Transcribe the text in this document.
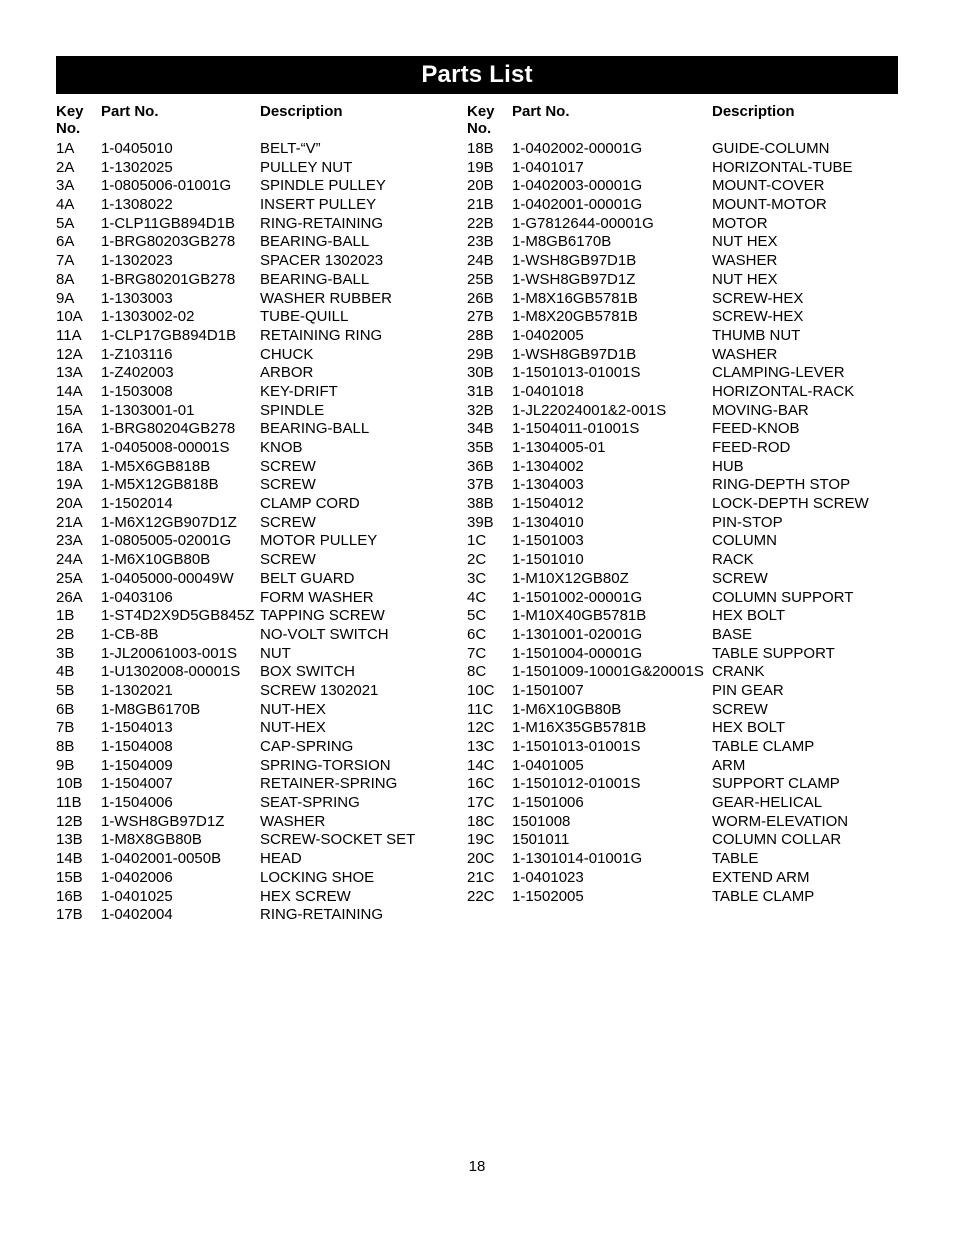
Parts List
Key
No.
Part No.	Description
1A	1-0405010	BELT-“V”
2A	1-1302025	PULLEY NUT
3A	1-0805006-01001G	SPINDLE PULLEY
4A	1-1308022	INSERT PULLEY
5A	1-CLP11GB894D1B	RING-RETAINING
6A	1-BRG80203GB278	BEARING-BALL
7A	1-1302023	SPACER 1302023
8A	1-BRG80201GB278	BEARING-BALL
9A	1-1303003	WASHER RUBBER
10A	1-1303002-02	TUBE-QUILL
11A	1-CLP17GB894D1B	RETAINING RING
12A	1-Z103116	CHUCK
13A	1-Z402003	ARBOR
14A	1-1503008	KEY-DRIFT
15A	1-1303001-01	SPINDLE
16A	1-BRG80204GB278	BEARING-BALL
17A	1-0405008-00001S	KNOB
18A	1-M5X6GB818B	SCREW
19A	1-M5X12GB818B	SCREW
20A	1-1502014	CLAMP CORD
21A	1-M6X12GB907D1Z	SCREW
23A	1-0805005-02001G	MOTOR PULLEY
24A	1-M6X10GB80B	SCREW
25A	1-0405000-00049W	BELT GUARD
26A	1-0403106	FORM WASHER
1B	1-ST4D2X9D5GB845Z TAPPING SCREW
2B	1-CB-8B	NO-VOLT SWITCH
3B	1-JL20061003-001S	NUT
4B	1-U1302008-00001S	BOX SWITCH
5B	1-1302021	SCREW 1302021
6B	1-M8GB6170B	NUT-HEX
7B	1-1504013	NUT-HEX
8B	1-1504008	CAP-SPRING
9B	1-1504009	SPRING-TORSION
10B	1-1504007	RETAINER-SPRING
11B	1-1504006	SEAT-SPRING
12B	1-WSH8GB97D1Z	WASHER
13B	1-M8X8GB80B	SCREW-SOCKET SET
14B	1-0402001-0050B	HEAD
15B	1-0402006	LOCKING SHOE
16B	1-0401025	HEX SCREW
17B	1-0402004	RING-RETAINING
Key
No.
Part No.	Description
18B	1-0402002-00001G	GUIDE-COLUMN
19B	1-0401017	HORIZONTAL-TUBE
20B	1-0402003-00001G	MOUNT-COVER
21B	1-0402001-00001G	MOUNT-MOTOR
22B	1-G7812644-00001G	MOTOR
23B	1-M8GB6170B	NUT HEX
24B	1-WSH8GB97D1B	WASHER
25B	1-WSH8GB97D1Z	NUT HEX
26B	1-M8X16GB5781B	SCREW-HEX
27B	1-M8X20GB5781B	SCREW-HEX
28B	1-0402005	THUMB NUT
29B	1-WSH8GB97D1B	WASHER
30B	1-1501013-01001S	CLAMPING-LEVER
31B	1-0401018	HORIZONTAL-RACK
32B	1-JL22024001&2-001S	MOVING-BAR
34B	1-1504011-01001S	FEED-KNOB
35B	1-1304005-01	FEED-ROD
36B	1-1304002	HUB
37B	1-1304003	RING-DEPTH STOP
38B	1-1504012	LOCK-DEPTH SCREW
39B	1-1304010	PIN-STOP
1C	1-1501003	COLUMN
2C	1-1501010	RACK
3C	1-M10X12GB80Z	SCREW
4C	1-1501002-00001G	COLUMN SUPPORT
5C	1-M10X40GB5781B	HEX BOLT
6C	1-1301001-02001G	BASE
7C	1-1501004-00001G	TABLE SUPPORT
8C	1-1501009-10001G&20001S CRANK
10C	1-1501007	PIN GEAR
11C	1-M6X10GB80B	SCREW
12C	1-M16X35GB5781B	HEX BOLT
13C	1-1501013-01001S	TABLE CLAMP
14C	1-0401005	ARM
16C	1-1501012-01001S	SUPPORT CLAMP
17C	1-1501006	GEAR-HELICAL
18C	1501008	WORM-ELEVATION
19C	1501011	COLUMN COLLAR
20C	1-1301014-01001G	TABLE
21C	1-0401023	EXTEND ARM
22C	1-1502005	TABLE CLAMP
18
